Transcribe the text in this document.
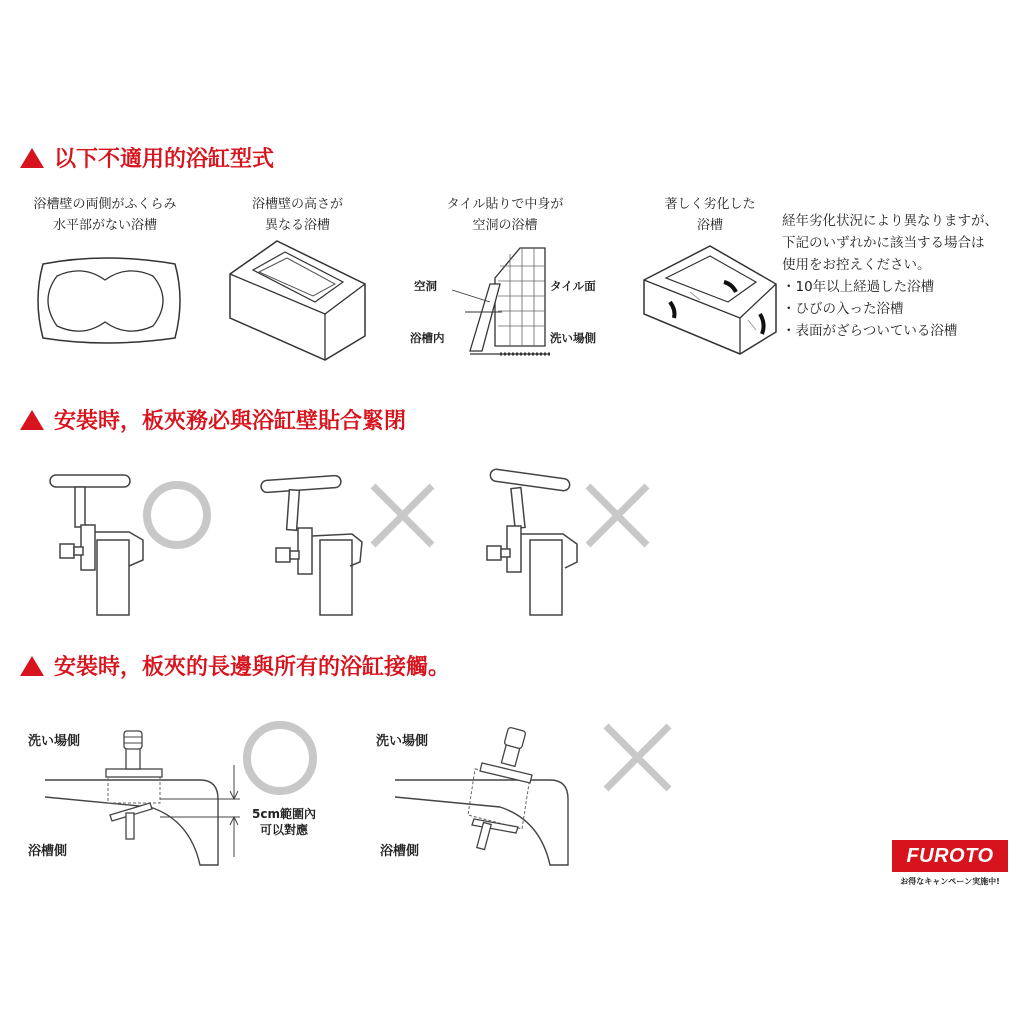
以下不適用的浴缸型式
安裝時，板夾務必與浴缸壁貼合緊閉
安裝時，板夾的長邊與所有的浴缸接觸。
浴槽壁の両側がふくらみ
水平部がない浴槽
浴槽壁の高さが
異なる浴槽
タイル貼りで中身が
空洞の浴槽
著しく劣化した
浴槽	経年劣化状況により異なりますが、
下記のいずれかに該当する場合は
使用をお控えください。
・ 10年以上経過した浴槽
・ ひびの入った浴槽
・ 表面がざらついている浴槽
空洞	タイル面
浴槽内	洗い場側
洗い場側
浴槽側
洗い場側
浴槽側
5cm範圍內
可以對應
FUROTO
お得なキャンペーン実施中!
